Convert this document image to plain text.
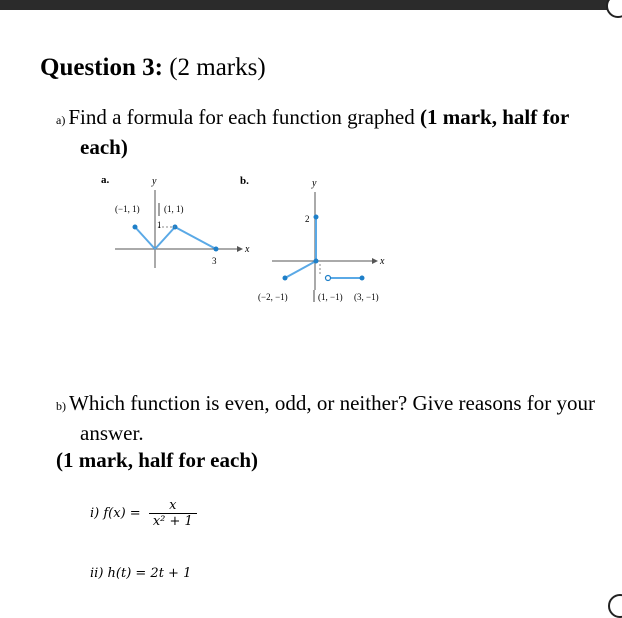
Question 3: (2 marks)
a) Find a formula for each function graphed (1 mark, half for each)
a.	y
x
(−1, 1)	(1, 1)
1
3
b.	y
x
2
(−2, −1)	(1, −1) (3, −1)
b) Which function is even, odd, or neither? Give reasons for your answer.
(1 mark, half for each)
i) $f(x) = \frac{x}{\text{x² + 1}}$
ii) h(t) = 2t + 1
